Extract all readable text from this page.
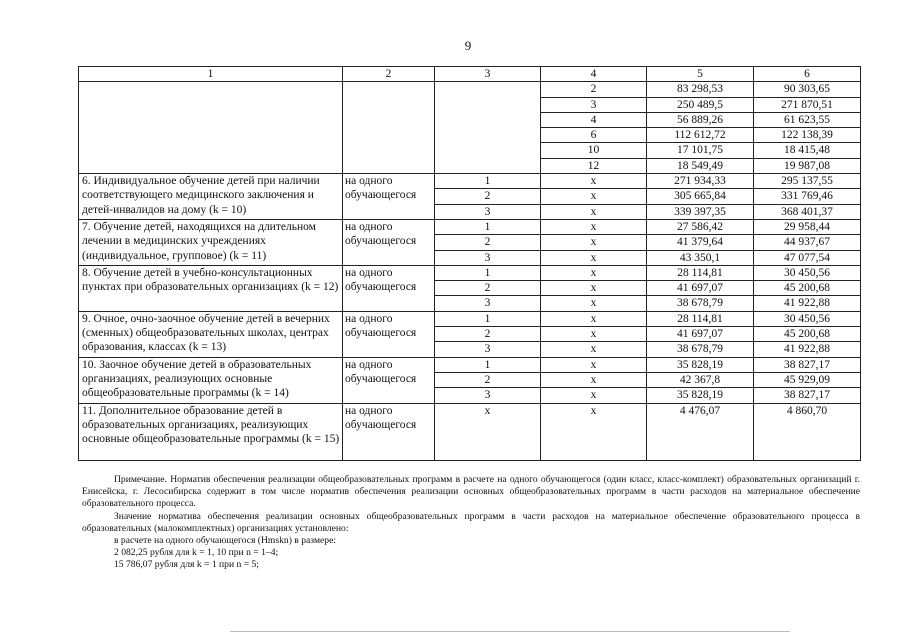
9
1	2	3	4	5	6
			2	83 298,53	90 303,65
			3	250 489,5	271 870,51
			4	56 889,26	61 623,55
			6	112 612,72	122 138,39
			10	17 101,75	18 415,48
			12	18 549,49	19 987,08
6. Индивидуальное обучение детей при наличии соответствующего медицинского заключения и детей-инвалидов на дому (k = 10)	на одного обучающегося	1	x	271 934,33	295 137,55
		2	x	305 665,84	331 769,46
		3	x	339 397,35	368 401,37
7. Обучение детей, находящихся на длительном лечении в медицинских учреждениях (индивидуальное, групповое) (k = 11)	на одного обучающегося	1	x	27 586,42	29 958,44
		2	x	41 379,64	44 937,67
		3	x	43 350,1	47 077,54
8. Обучение детей в учебно-консультационных пунктах при образовательных организациях (k = 12)	на одного обучающегося	1	x	28 114,81	30 450,56
		2	x	41 697,07	45 200,68
		3	x	38 678,79	41 922,88
9. Очное, очно-заочное обучение детей в вечерних (сменных) общеобразовательных школах, центрах образования, классах (k = 13)	на одного обучающегося	1	x	28 114,81	30 450,56
		2	x	41 697,07	45 200,68
		3	x	38 678,79	41 922,88
10. Заочное обучение детей в образовательных организациях, реализующих основные общеобразовательные программы (k = 14)	на одного обучающегося	1	x	35 828,19	38 827,17
		2	x	42 367,8	45 929,09
		3	x	35 828,19	38 827,17
11. Дополнительное образование детей в образовательных организациях, реализующих основные общеобразовательные программы (k = 15)	на одного обучающегося	x	x	4 476,07	4 860,70

Примечание. Норматив обеспечения реализации общеобразовательных программ в расчете на одного обучающегося (один класс, класс-комплект) образовательных организаций г. Енисейска, г. Лесосибирска содержит в том числе норматив обеспечения реализации основных общеобразовательных программ в части расходов на материальное обеспечение образовательного процесса.

Значение норматива обеспечения реализации основных общеобразовательных программ в части расходов на материальное обеспечение образовательного процесса в образовательных (малокомплектных) организациях установлено:

в расчете на одного обучающегося (Hmskn) в размере:

2 082,25 рубля для k = 1, 10 при n = 1–4;

15 786,07 рубля для k = 1 при n = 5;
